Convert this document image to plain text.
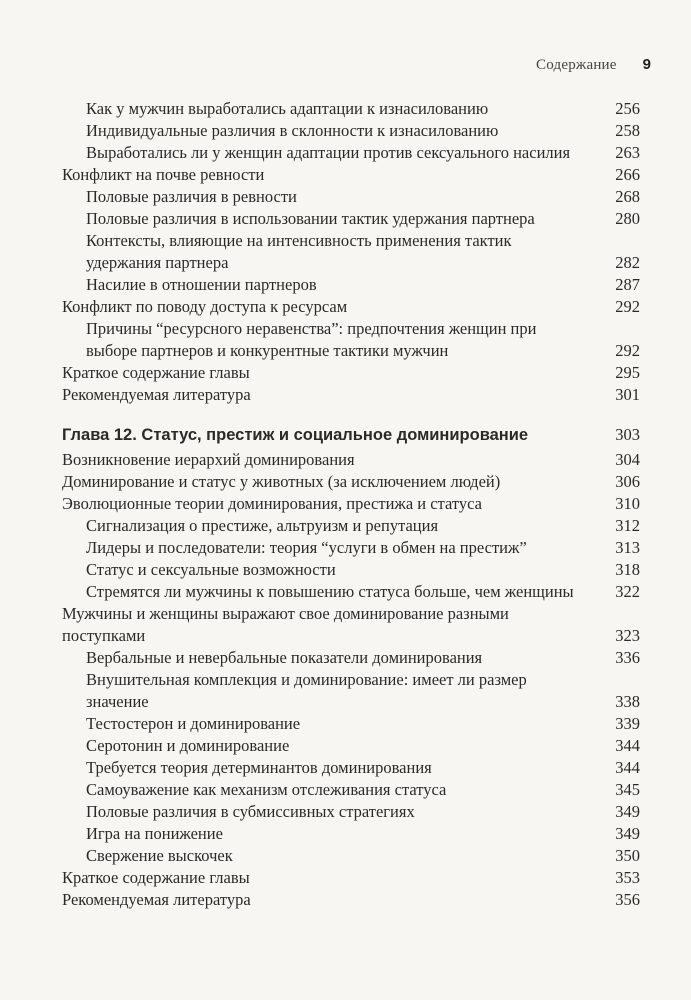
Содержание 9
Как у мужчин выработались адаптации к изнасилованию	256
Индивидуальные различия в склонности к изнасилованию	258
Выработались ли у женщин адаптации против сексуального насилия	263
Конфликт на почве ревности	266
Половые различия в ревности	268
Половые различия в использовании тактик удержания партнера	280
Контексты, влияющие на интенсивность применения тактик удержания партнера	282
Насилие в отношении партнеров	287
Конфликт по поводу доступа к ресурсам	292
Причины “ресурсного неравенства”: предпочтения женщин при выборе партнеров и конкурентные тактики мужчин	292
Краткое содержание главы	295
Рекомендуемая литература	301
Глава 12. Статус, престиж и социальное доминирование	303
Возникновение иерархий доминирования	304
Доминирование и статус у животных (за исключением людей)	306
Эволюционные теории доминирования, престижа и статуса	310
Сигнализация о престиже, альтруизм и репутация	312
Лидеры и последователи: теория “услуги в обмен на престиж”	313
Статус и сексуальные возможности	318
Стремятся ли мужчины к повышению статуса больше, чем женщины	322
Мужчины и женщины выражают свое доминирование разными поступками	323
Вербальные и невербальные показатели доминирования	336
Внушительная комплекция и доминирование: имеет ли размер значение	338
Тестостерон и доминирование	339
Серотонин и доминирование	344
Требуется теория детерминантов доминирования	344
Самоуважение как механизм отслеживания статуса	345
Половые различия в субмиссивных стратегиях	349
Игра на понижение	349
Свержение выскочек	350
Краткое содержание главы	353
Рекомендуемая литература	356
